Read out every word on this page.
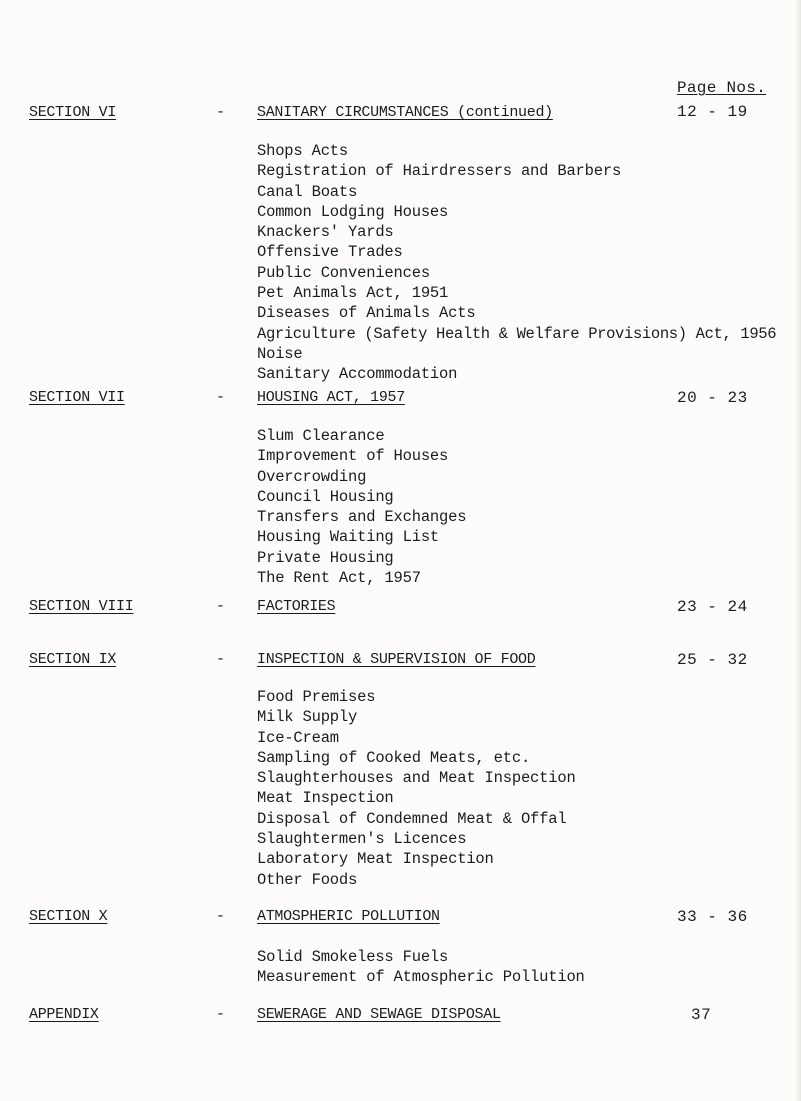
Page Nos.
SECTION VI	- SANITARY CIRCUMSTANCES (continued)	12 - 19
Shops Acts
Registration of Hairdressers and Barbers
Canal Boats
Common Lodging Houses
Knackers' Yards
Offensive Trades
Public Conveniences
Pet Animals Act, 1951
Diseases of Animals Acts
Agriculture (Safety Health & Welfare Provisions) Act, 1956
Noise
Sanitary Accommodation
SECTION VII	- HOUSING ACT, 1957	20 - 23
Slum Clearance
Improvement of Houses
Overcrowding
Council Housing
Transfers and Exchanges
Housing Waiting List
Private Housing
The Rent Act, 1957
SECTION VIII	- FACTORIES	23 - 24
SECTION IX	- INSPECTION & SUPERVISION OF FOOD	25 - 32
Food Premises
Milk Supply
Ice-Cream
Sampling of Cooked Meats, etc.
Slaughterhouses and Meat Inspection
Meat Inspection
Disposal of Condemned Meat & Offal
Slaughtermen's Licences
Laboratory Meat Inspection
Other Foods
SECTION X	- ATMOSPHERIC POLLUTION	33 - 36
Solid Smokeless Fuels
Measurement of Atmospheric Pollution
APPENDIX	- SEWERAGE AND SEWAGE DISPOSAL	37
